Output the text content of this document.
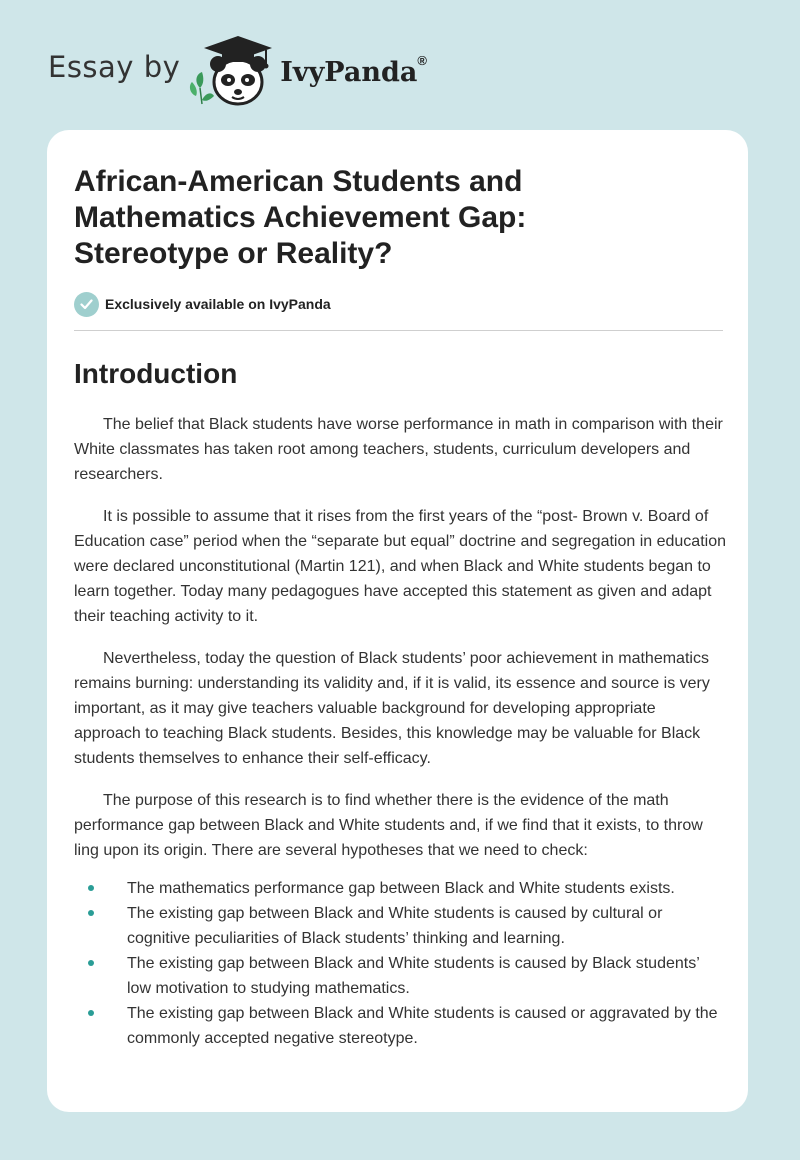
Essay by	IvyPanda®
African-American Students and Mathematics Achievement Gap: Stereotype or Reality?
Exclusively available on IvyPanda
Introduction

The belief that Black students have worse performance in math in comparison with their White classmates has taken root among teachers, students, curriculum developers and researchers.

It is possible to assume that it rises from the first years of the “post- Brown v. Board of Education case” period when the “separate but equal” doctrine and segregation in education were declared unconstitutional (Martin 121), and when Black and White students began to learn together. Today many pedagogues have accepted this statement as given and adapt their teaching activity to it.

Nevertheless, today the question of Black students’ poor achievement in mathematics remains burning: understanding its validity and, if it is valid, its essence and source is very important, as it may give teachers valuable background for developing appropriate approach to teaching Black students. Besides, this knowledge may be valuable for Black students themselves to enhance their self-efficacy.

The purpose of this research is to find whether there is the evidence of the math performance gap between Black and White students and, if we find that it exists, to throw ling upon its origin. There are several hypotheses that we need to check:

The mathematics performance gap between Black and White students exists.
The existing gap between Black and White students is caused by cultural or cognitive peculiarities of Black students’ thinking and learning.
The existing gap between Black and White students is caused by Black students’ low motivation to studying mathematics.
The existing gap between Black and White students is caused or aggravated by the commonly accepted negative stereotype.
